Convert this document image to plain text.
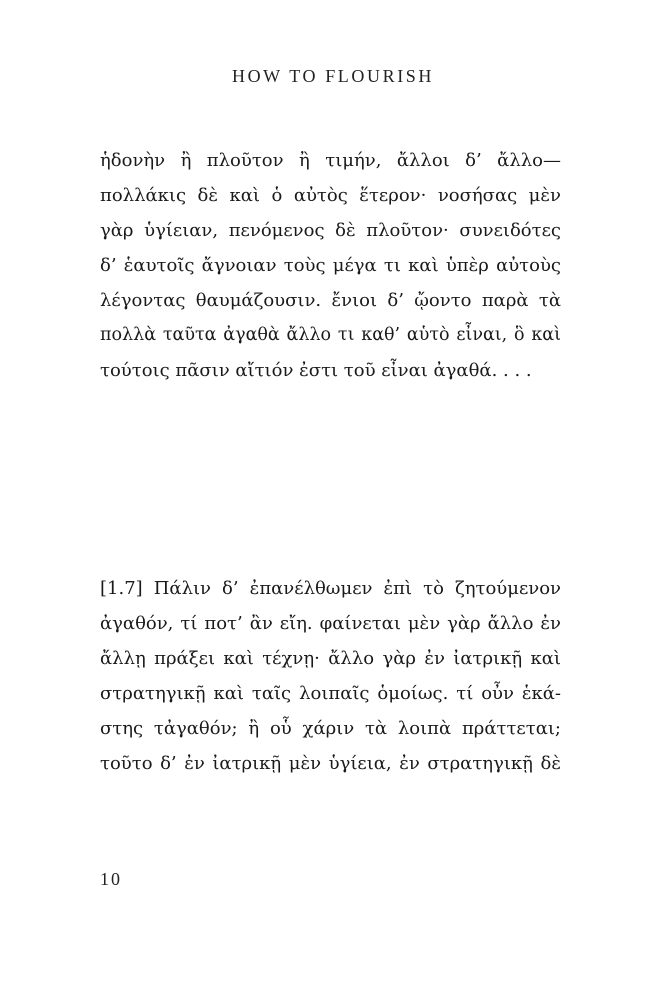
HOW TO FLOURISH
ἡδονὴν ἢ πλοῦτον ἢ τιμήν, ἄλλοι δ’ ἄλλο—
πολλάκις δὲ καὶ ὁ αὐτὸς ἕτερον· νοσήσας μὲν
γὰρ ὑγίειαν, πενόμενος δὲ πλοῦτον· συνειδότες
δ’ ἑαυτοῖς ἄγνοιαν τοὺς μέγα τι καὶ ὑπὲρ αὐτοὺς
λέγοντας θαυμάζουσιν. ἔνιοι δ’ ᾤοντο παρὰ τὰ
πολλὰ ταῦτα ἀγαθὰ ἄλλο τι καθ’ αὑτὸ εἶναι, ὃ καὶ
τούτοις πᾶσιν αἴτιόν ἐστι τοῦ εἶναι ἀγαθά. . . .
[1.7] Πάλιν δ’ ἐπανέλθωμεν ἐπὶ τὸ ζητούμενον
ἀγαθόν, τί ποτ’ ἂν εἴη. φαίνεται μὲν γὰρ ἄλλο ἐν
ἄλλῃ πράξει καὶ τέχνῃ· ἄλλο γὰρ ἐν ἰατρικῇ καὶ
στρατηγικῇ καὶ ταῖς λοιπαῖς ὁμοίως. τί οὖν ἑκά-
στης τἀγαθόν; ἢ οὗ χάριν τὰ λοιπὰ πράττεται;
τοῦτο δ’ ἐν ἰατρικῇ μὲν ὑγίεια, ἐν στρατηγικῇ δὲ
10
